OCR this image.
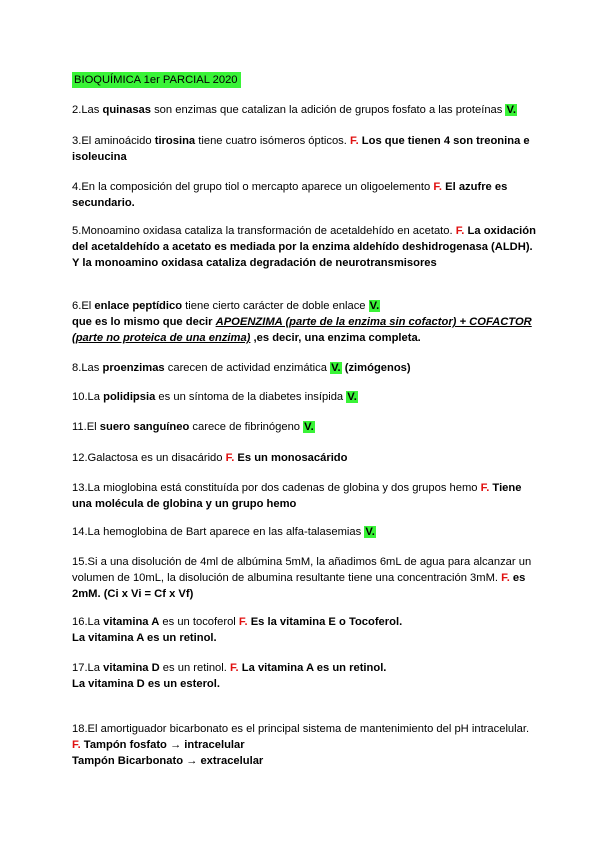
BIOQUÍMICA 1er PARCIAL 2020
2.Las quinasas son enzimas que catalizan la adición de grupos fosfato a las proteínas V.
3.El aminoácido tirosina tiene cuatro isómeros ópticos. F. Los que tienen 4 son treonina e isoleucina
4.En la composición del grupo tiol o mercapto aparece un oligoelemento F. El azufre es secundario.
5.Monoamino oxidasa cataliza la transformación de acetaldehído en acetato. F. La oxidación del acetaldehído a acetato es mediada por la enzima aldehído deshidrogenasa (ALDH). Y la monoamino oxidasa cataliza degradación de neurotransmisores
6.El enlace peptídico tiene cierto carácter de doble enlace V.
que es lo mismo que decir APOENZIMA (parte de la enzima sin cofactor) + COFACTOR (parte no proteica de una enzima) ,es decir, una enzima completa.
8.Las proenzimas carecen de actividad enzimática V. (zimógenos)
10.La polidipsia es un síntoma de la diabetes insípida V.
11.El suero sanguíneo carece de fibrinógeno V.
12.Galactosa es un disacárido F. Es un monosacárido
13.La mioglobina está constituída por dos cadenas de globina y dos grupos hemo F. Tiene una molécula de globina y un grupo hemo
14.La hemoglobina de Bart aparece en las alfa-talasemias V.
15.Si a una disolución de 4ml de albúmina 5mM, la añadimos 6mL de agua para alcanzar un volumen de 10mL, la disolución de albumina resultante tiene una concentración 3mM. F. es 2mM. (Ci x Vi = Cf x Vf)
16.La vitamina A es un tocoferol F. Es la vitamina E o Tocoferol.
La vitamina A es un retinol.
17.La vitamina D es un retinol. F. La vitamina A es un retinol.
La vitamina D es un esterol.
18.El amortiguador bicarbonato es el principal sistema de mantenimiento del pH intracelular.
F. Tampón fosfato → intracelular
Tampón Bicarbonato → extracelular
